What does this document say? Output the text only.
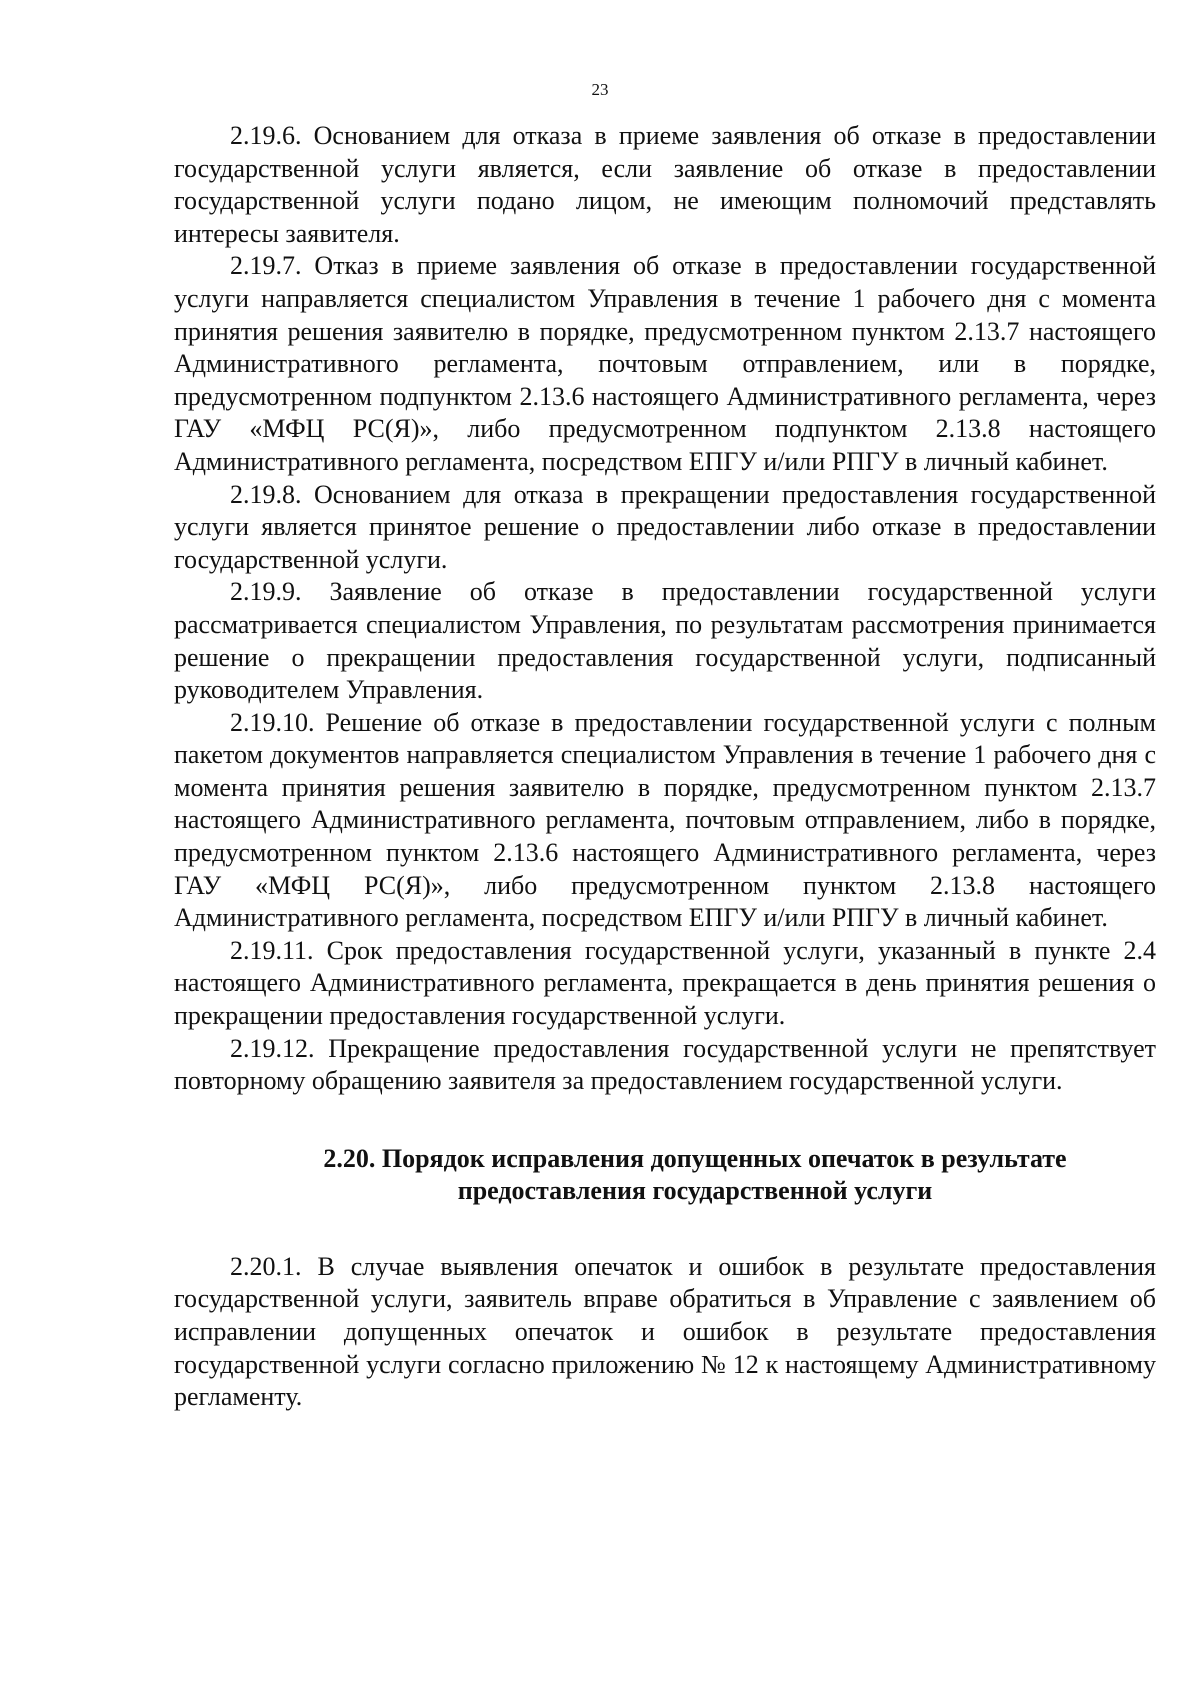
23

2.19.6. Основанием для отказа в приеме заявления об отказе в предоставлении государственной услуги является, если заявление об отказе в предоставлении государственной услуги подано лицом, не имеющим полномочий представлять интересы заявителя.

2.19.7. Отказ в приеме заявления об отказе в предоставлении государственной услуги направляется специалистом Управления в течение 1 рабочего дня с момента принятия решения заявителю в порядке, предусмотренном пунктом 2.13.7 настоящего Административного регламента, почтовым отправлением, или в порядке, предусмотренном подпунктом 2.13.6 настоящего Административного регламента, через ГАУ «МФЦ РС(Я)», либо предусмотренном подпунктом 2.13.8 настоящего Административного регламента, посредством ЕПГУ и/или РПГУ в личный кабинет.

2.19.8. Основанием для отказа в прекращении предоставления государственной услуги является принятое решение о предоставлении либо отказе в предоставлении государственной услуги.

2.19.9. Заявление об отказе в предоставлении государственной услуги рассматривается специалистом Управления, по результатам рассмотрения принимается решение о прекращении предоставления государственной услуги, подписанный руководителем Управления.

2.19.10. Решение об отказе в предоставлении государственной услуги с полным пакетом документов направляется специалистом Управления в течение 1 рабочего дня с момента принятия решения заявителю в порядке, предусмотренном пунктом 2.13.7 настоящего Административного регламента, почтовым отправлением, либо в порядке, предусмотренном пунктом 2.13.6 настоящего Административного регламента, через ГАУ «МФЦ РС(Я)», либо предусмотренном пунктом 2.13.8 настоящего Административного регламента, посредством ЕПГУ и/или РПГУ в личный кабинет.

2.19.11. Срок предоставления государственной услуги, указанный в пункте 2.4 настоящего Административного регламента, прекращается в день принятия решения о прекращении предоставления государственной услуги.

2.19.12. Прекращение предоставления государственной услуги не препятствует повторному обращению заявителя за предоставлением государственной услуги.

2.20. Порядок исправления допущенных опечаток в результате
предоставления государственной услуги

2.20.1. В случае выявления опечаток и ошибок в результате предоставления государственной услуги, заявитель вправе обратиться в Управление с заявлением об исправлении допущенных опечаток и ошибок в результате предоставления государственной услуги согласно приложению № 12 к настоящему Административному регламенту.
